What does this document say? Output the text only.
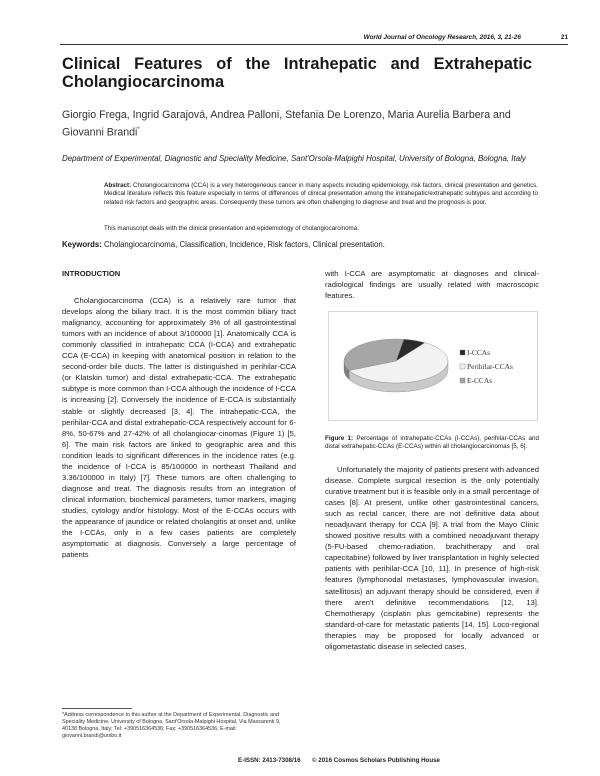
World Journal of Oncology Research, 2016, 3, 21-26	21
Clinical Features of the Intrahepatic and Extrahepatic
Cholangiocarcinoma
Giorgio Frega, Ingrid Garajová, Andrea Palloni, Stefania De Lorenzo, Maria Aurelia Barbera and Giovanni Brandi*
Department of Experimental, Diagnostic and Speciality Medicine, Sant'Orsola-Malpighi Hospital, University of Bologna, Bologna, Italy
Abstract: Cholangiocarcinoma (CCA) is a very heterogeneous cancer in many aspects including epidemiology, risk factors, clinical presentation and genetics. Medical literature reflects this feature especially in terms of differences of clinical presentation among the intrahepatic/extrahepatic subtypes and according to related risk factors and geographic areas. Consequently these tumors are often challenging to diagnose and treat and the prognosis is poor.
This manuscript deals with the clinical presentation and epidemiology of cholangiocarcinoma.
Keywords: Cholangiocarcinoma, Classification, Incidence, Risk factors, Clinical presentation.
INTRODUCTION

Cholangiocarcinoma (CCA) is a relatively rare tumor that develops along the biliary tract. It is the most common biliary tract malignancy, accounting for approximately 3% of all gastrointestinal tumors with an incidence of about 3/100000 [1]. Anatomically CCA is commonly classified in intrahepatic CCA (I-CCA) and extrahepatic CCA (E-CCA) in keeping with anatomical position in relation to the second-order bile ducts. The latter is distinguished in perihilar-CCA (or Klatskin tumor) and distal extrahepatic-CCA. The extrahepatic subtype is more common than I-CCA although the incidence of I-CCA is increasing [2]. Conversely the incidence of E-CCA is substantially stable or slightly decreased [3, 4]. The intrahepatic-CCA, the perihilar-CCA and distal extrahepatic-CCA respectively account for 6-8%, 50-67% and 27-42% of all cholangiocar-cinomas (Figure 1) [5, 6]. The main risk factors are linked to geographic area and this condition leads to significant differences in the incidence rates (e.g. the incidence of I-CCA is 85/100000 in northeast Thailand and 3.36/100000 in Italy) [7]. These tumors are often challenging to diagnose and treat. The diagnosis results from an integration of clinical information, biochemical parameters, tumor markers, imaging studies, cytology and/or histology. Most of the E-CCAs occurs with the appearance of jaundice or related cholangitis at onset and, unlike the I-CCAs, only in a few cases patients are completely asymptomatic at diagnosis. Conversely a large percentage of patients

with I-CCA are asymptomatic at diagnoses and clinical-radiological findings are usually related with macroscopic features.

I-CCAs
Perihilar-CCAs
E-CCAs
Figure 1: Percentage of intrahepatic-CCAs (I-CCAs), perihilar-CCAs and distal extrahepatic-CCAs (E-CCAs) within all cholangiocarcinomas [5, 6].

Unfortunately the majority of patients present with advanced disease. Complete surgical resection is the only potentially curative treatment but it is feasible only in a small percentage of cases [8]. At present, unlike other gastrointestinal cancers, such as rectal cancer, there are not definitive data about neoadjuvant therapy for CCA [9]. A trial from the Mayo Clinic showed positive results with a combined neoadjuvant therapy (5-FU-based chemo-radiation, brachitherapy and oral capecitabine) followed by liver transplantation in highly selected patients with perihilar-CCA [10, 11]. In presence of high-risk features (lymphonodal metastases, lymphovascular invasion, satellitosis) an adjuvant therapy should be considered, even if there aren't definitive recommendations [12, 13]. Chemotherapy (cisplatin plus gemcitabine) represents the standard-of-care for metastatic patients [14, 15]. Loco-regional therapies may be proposed for locally advanced or oligometastatic disease in selected cases.

*Address correspondence to this author at the Department of Experimental, Diagnostic and Speciality Medicine, University of Bologna, Sant'Orsola-Malpighi Hospital, Via Massarenti 9, 40138 Bologna, Italy; Tel: +390516364536; Fax: +390516364536; E-mail: giovanni.brandi@unibo.it
E-ISSN: 2413-7308/16 © 2016 Cosmos Scholars Publishing House
